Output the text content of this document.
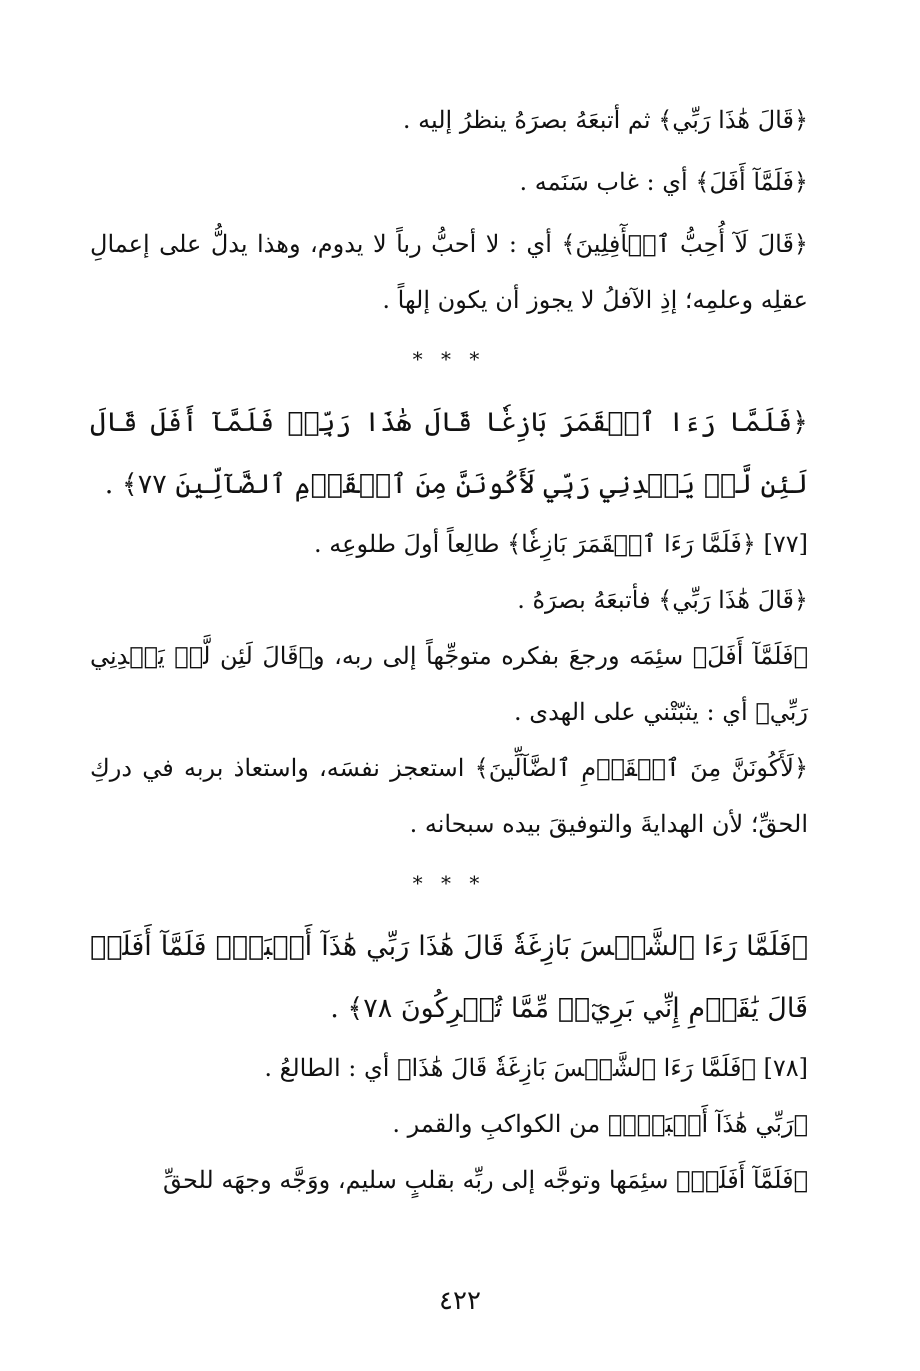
﴿قَالَ هَٰذَا رَبِّي﴾ ثم أتبعَهُ بصرَهُ ينظرُ إليه .

﴿فَلَمَّآ أَفَلَ﴾ أي : غاب سَنَمه .

﴿قَالَ لَآ أُحِبُّ ٱلۡأٓفِلِينَ﴾ أي : لا أحبُّ رباً لا يدوم، وهذا يدلُّ على إعمالِ عقلِه وعلمِه؛ إذِ الآفلُ لا يجوز أن يكون إلهاً .

* * *

﴿فَلَمَّا رَءَا ٱلۡقَمَرَ بَازِغٗا قَالَ هَٰذَا رَبِّيۖ فَلَمَّآ أَفَلَ قَالَ لَئِن لَّمۡ يَهۡدِنِي رَبِّي لَأَكُونَنَّ مِنَ ٱلۡقَوۡمِ ٱلضَّآلِّينَ ٧٧﴾ .

[٧٧] ﴿فَلَمَّا رَءَا ٱلۡقَمَرَ بَازِغٗا﴾ طالِعاً أولَ طلوعِه .

﴿قَالَ هَٰذَا رَبِّي﴾ فأتبعَهُ بصرَهُ .

﴿فَلَمَّآ أَفَلَ﴾ سئِمَه ورجعَ بفكره متوجِّهاً إلى ربه، و﴿قَالَ لَئِن لَّمۡ يَهۡدِنِي رَبِّي﴾ أي : يثبّتْني على الهدى .

﴿لَأَكُونَنَّ مِنَ ٱلۡقَوۡمِ ٱلضَّآلِّينَ﴾ استعجز نفسَه، واستعاذ بربه في دركِ الحقِّ؛ لأن الهدايةَ والتوفيقَ بيده سبحانه .

* * *

﴿فَلَمَّا رَءَا ٱلشَّمۡسَ بَازِغَةٗ قَالَ هَٰذَا رَبِّي هَٰذَآ أَكۡبَرُۖ فَلَمَّآ أَفَلَتۡ قَالَ يَٰقَوۡمِ إِنِّي بَرِيٓءٞ مِّمَّا تُشۡرِكُونَ ٧٨﴾ .

[٧٨] ﴿فَلَمَّا رَءَا ٱلشَّمۡسَ بَازِغَةٗ قَالَ هَٰذَا﴾ أي : الطالعُ .

﴿رَبِّي هَٰذَآ أَكۡبَرُۖ﴾ من الكواكبِ والقمر .

﴿فَلَمَّآ أَفَلَتۡ﴾ سئِمَها وتوجَّه إلى ربِّه بقلبٍ سليم، ووَجَّه وجهَه للحقِّ

٤٢٢
